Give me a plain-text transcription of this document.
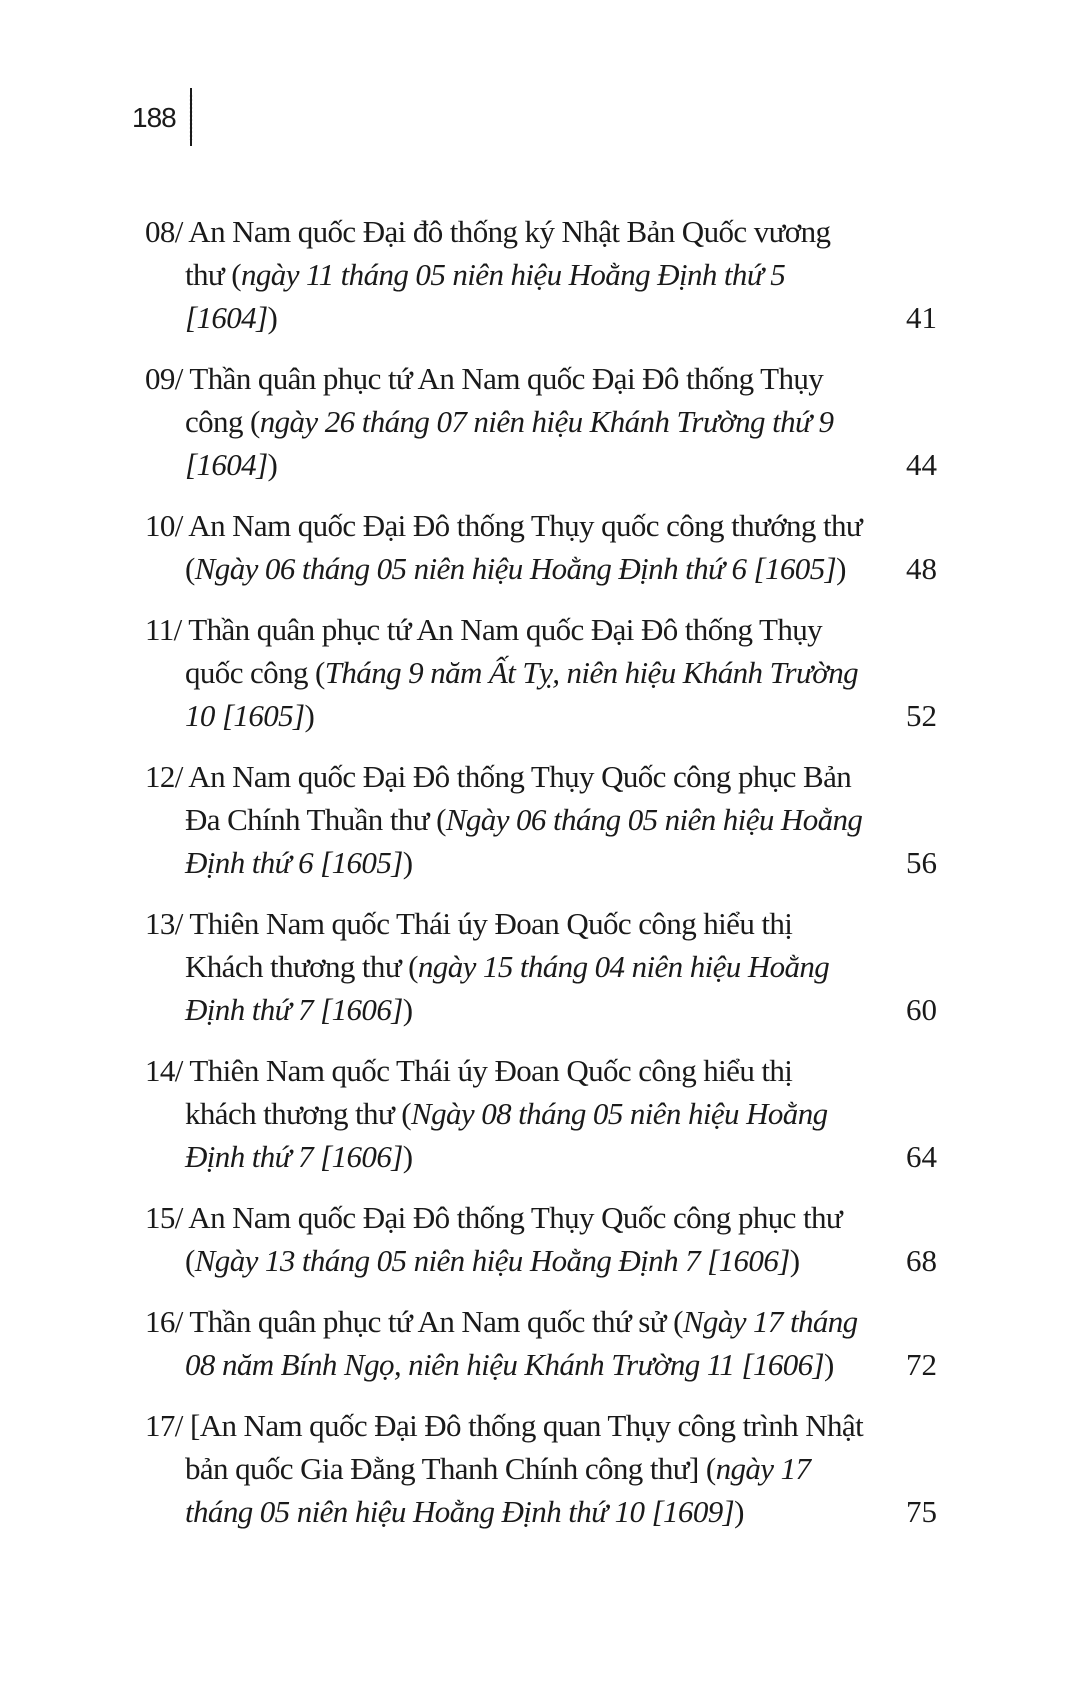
188
08/ An Nam quốc Đại đô thống ký Nhật Bản Quốc vương thư (ngày 11 tháng 05 niên hiệu Hoằng Định thứ 5 [1604])	41
09/ Thần quân phục tứ An Nam quốc Đại Đô thống Thụy công (ngày 26 tháng 07 niên hiệu Khánh Trường thứ 9 [1604])	44
10/ An Nam quốc Đại Đô thống Thụy quốc công thướng thư (Ngày 06 tháng 05 niên hiệu Hoằng Định thứ 6 [1605])	48
11/ Thần quân phục tứ An Nam quốc Đại Đô thống Thụy quốc công (Tháng 9 năm Ất Tỵ, niên hiệu Khánh Trường 10 [1605])	52
12/ An Nam quốc Đại Đô thống Thụy Quốc công phục Bản Đa Chính Thuần thư (Ngày 06 tháng 05 niên hiệu Hoằng Định thứ 6 [1605])	56
13/ Thiên Nam quốc Thái úy Đoan Quốc công hiểu thị Khách thương thư (ngày 15 tháng 04 niên hiệu Hoằng Định thứ 7 [1606])	60
14/ Thiên Nam quốc Thái úy Đoan Quốc công hiểu thị khách thương thư (Ngày 08 tháng 05 niên hiệu Hoằng Định thứ 7 [1606])	64
15/ An Nam quốc Đại Đô thống Thụy Quốc công phục thư (Ngày 13 tháng 05 niên hiệu Hoằng Định 7 [1606])	68
16/ Thần quân phục tứ An Nam quốc thứ sử (Ngày 17 tháng 08 năm Bính Ngọ, niên hiệu Khánh Trường 11 [1606])	72
17/ [An Nam quốc Đại Đô thống quan Thụy công trình Nhật bản quốc Gia Đằng Thanh Chính công thư] (ngày 17 tháng 05 niên hiệu Hoằng Định thứ 10 [1609])	75
